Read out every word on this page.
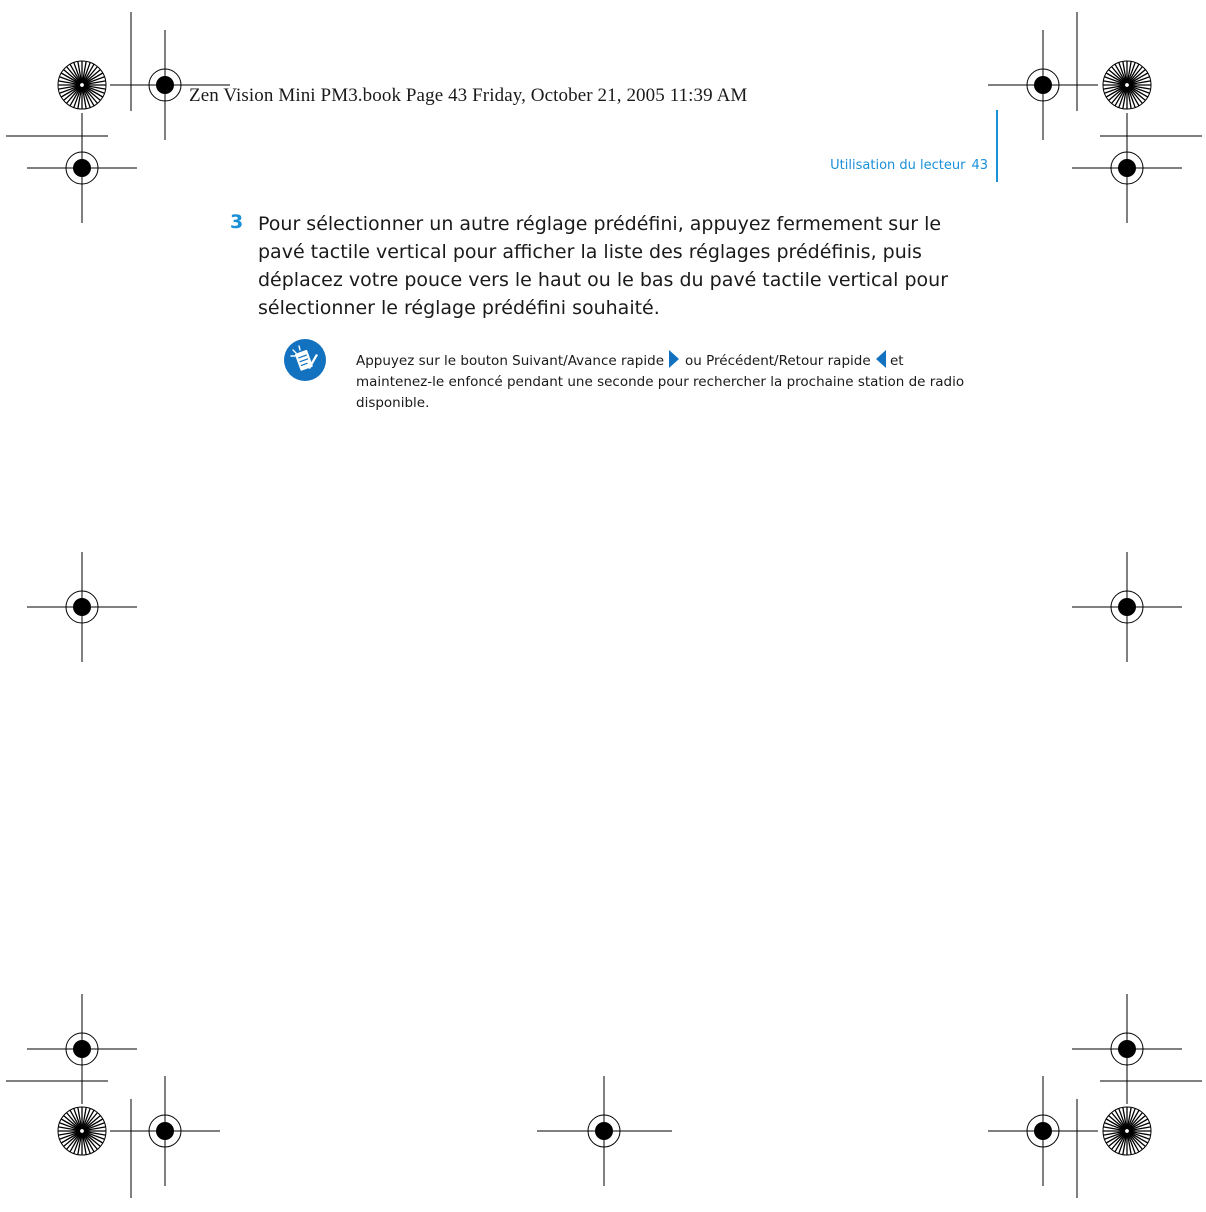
Zen Vision Mini PM3.book Page 43 Friday, October 21, 2005 11:39 AM
Utilisation du lecteur 43
3 Pour sélectionner un autre réglage prédéfini, appuyez fermement sur le pavé tactile vertical pour afficher la liste des réglages prédéfinis, puis déplacez votre pouce vers le haut ou le bas du pavé tactile vertical pour sélectionner le réglage prédéfini souhaité.

Appuyez sur le bouton Suivant/Avance rapide ou Précédent/Retour rapide et maintenez-le enfoncé pendant une seconde pour rechercher la prochaine station de radio disponible.
